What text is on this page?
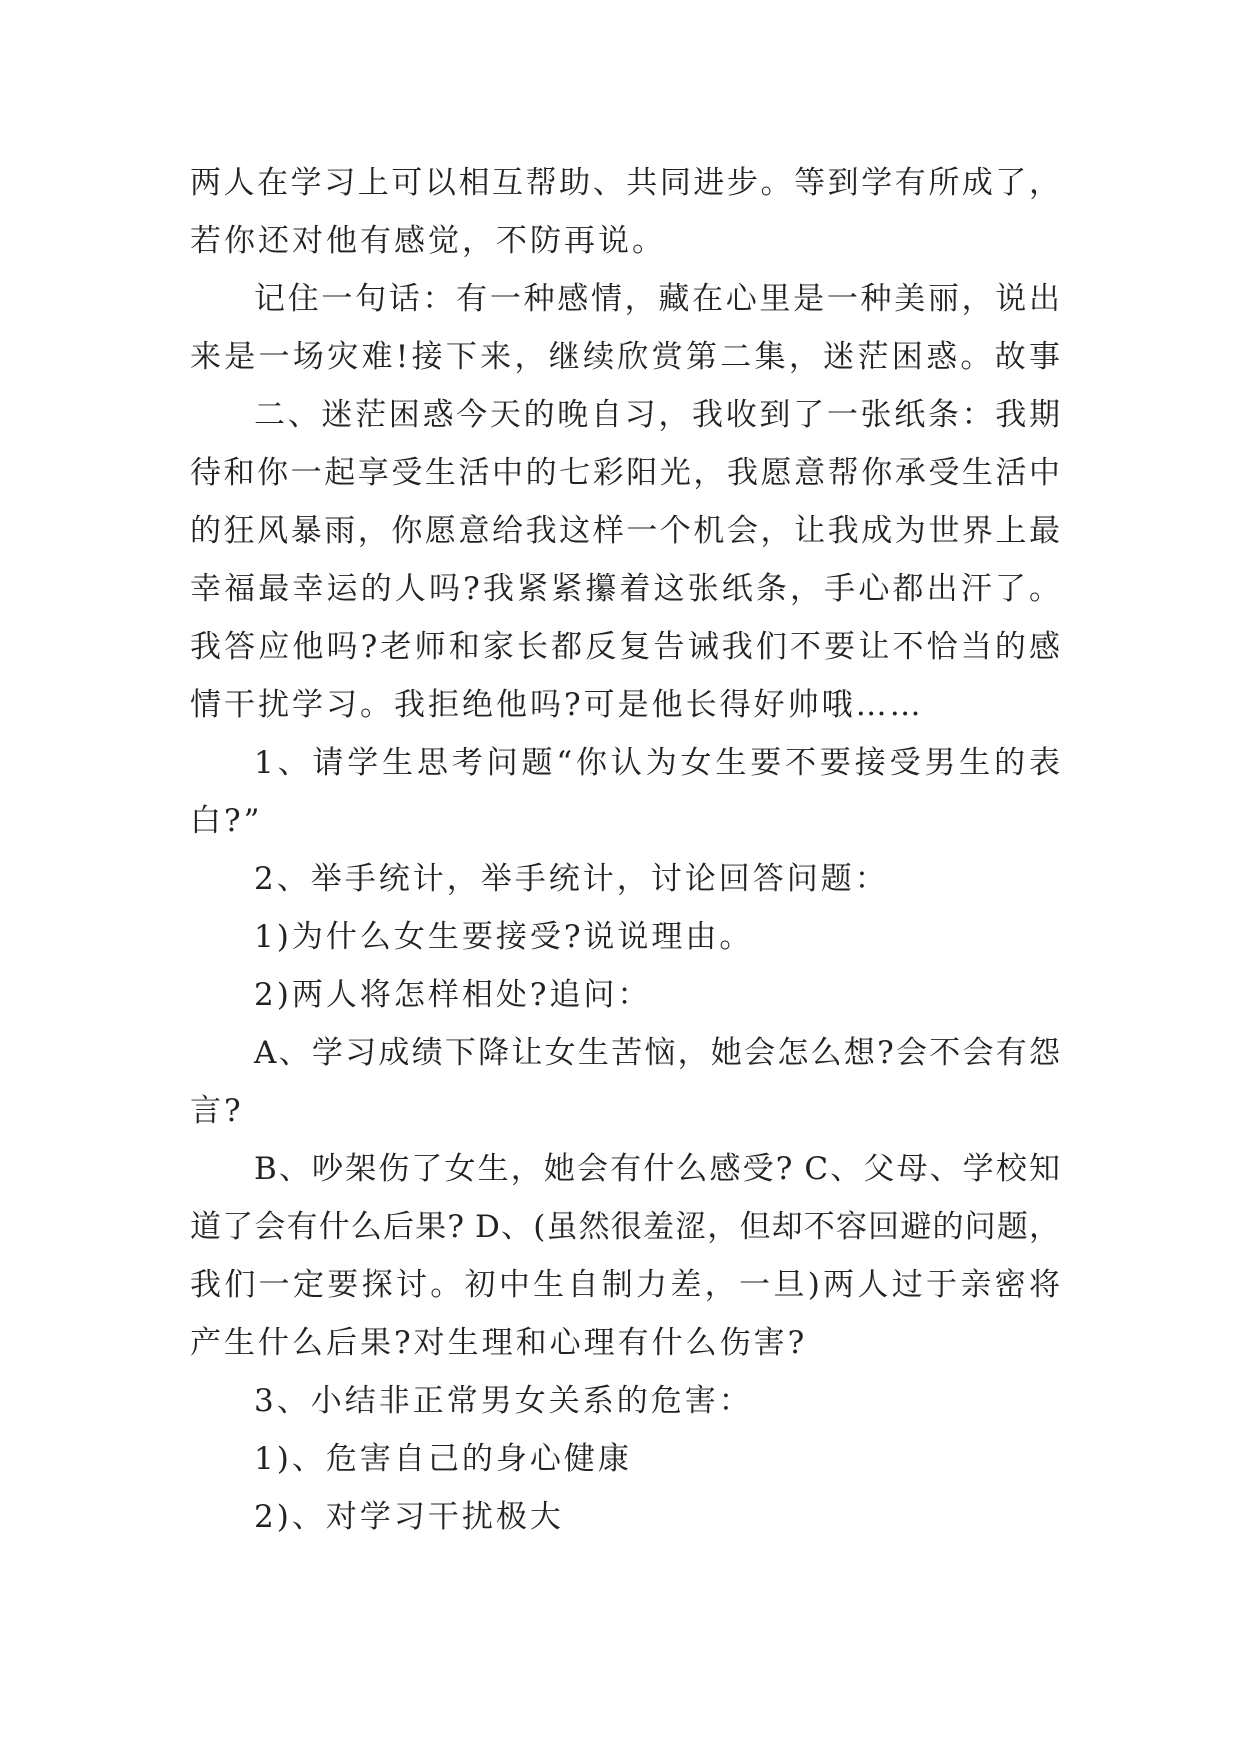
两人在学习上可以相互帮助、共同进步。等到学有所成了，
若你还对他有感觉，不防再说。
记住一句话：有一种感情，藏在心里是一种美丽，说出
来是一场灾难!接下来，继续欣赏第二集，迷茫困惑。故事
二、迷茫困惑今天的晚自习，我收到了一张纸条：我期
待和你一起享受生活中的七彩阳光，我愿意帮你承受生活中
的狂风暴雨，你愿意给我这样一个机会，让我成为世界上最
幸福最幸运的人吗?我紧紧攥着这张纸条，手心都出汗了。
我答应他吗?老师和家长都反复告诫我们不要让不恰当的感
情干扰学习。我拒绝他吗?可是他长得好帅哦……
1、请学生思考问题“你认为女生要不要接受男生的表
白?”
2、举手统计，举手统计，讨论回答问题：
1)为什么女生要接受?说说理由。
2)两人将怎样相处?追问：
A、学习成绩下降让女生苦恼，她会怎么想?会不会有怨
言?
B、吵架伤了女生，她会有什么感受? C、父母、学校知
道了会有什么后果? D、(虽然很羞涩，但却不容回避的问题，
我们一定要探讨。初中生自制力差，一旦)两人过于亲密将
产生什么后果?对生理和心理有什么伤害?
3、小结非正常男女关系的危害：
1)、危害自己的身心健康
2)、对学习干扰极大
